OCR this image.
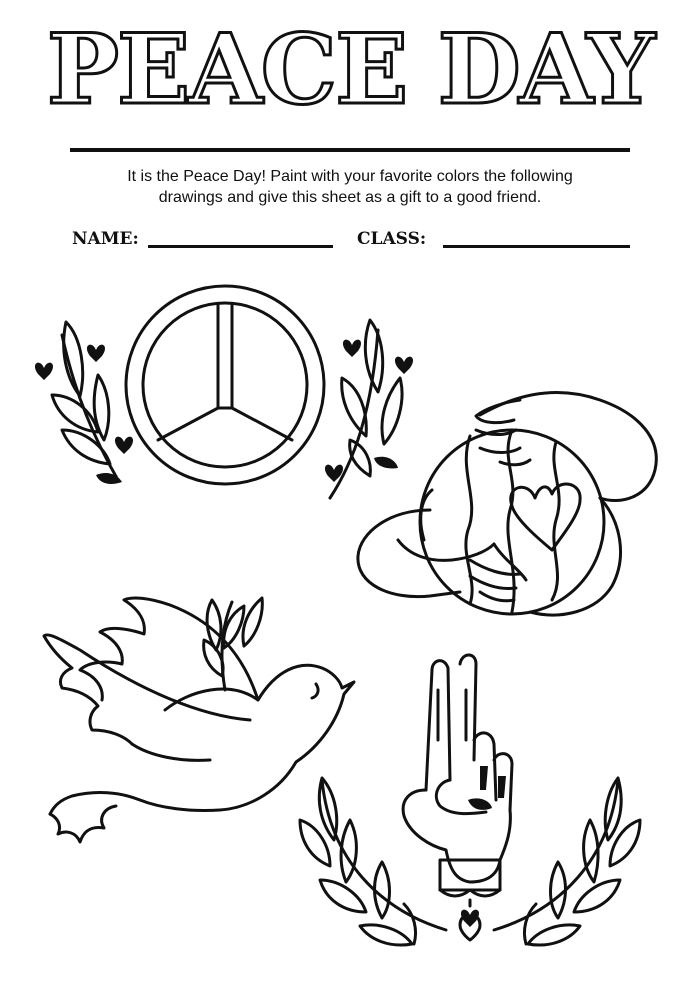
PEACE DAY
It is the Peace Day! Paint with your favorite colors the following
drawings and give this sheet as a gift to a good friend.
NAME:	CLASS:
